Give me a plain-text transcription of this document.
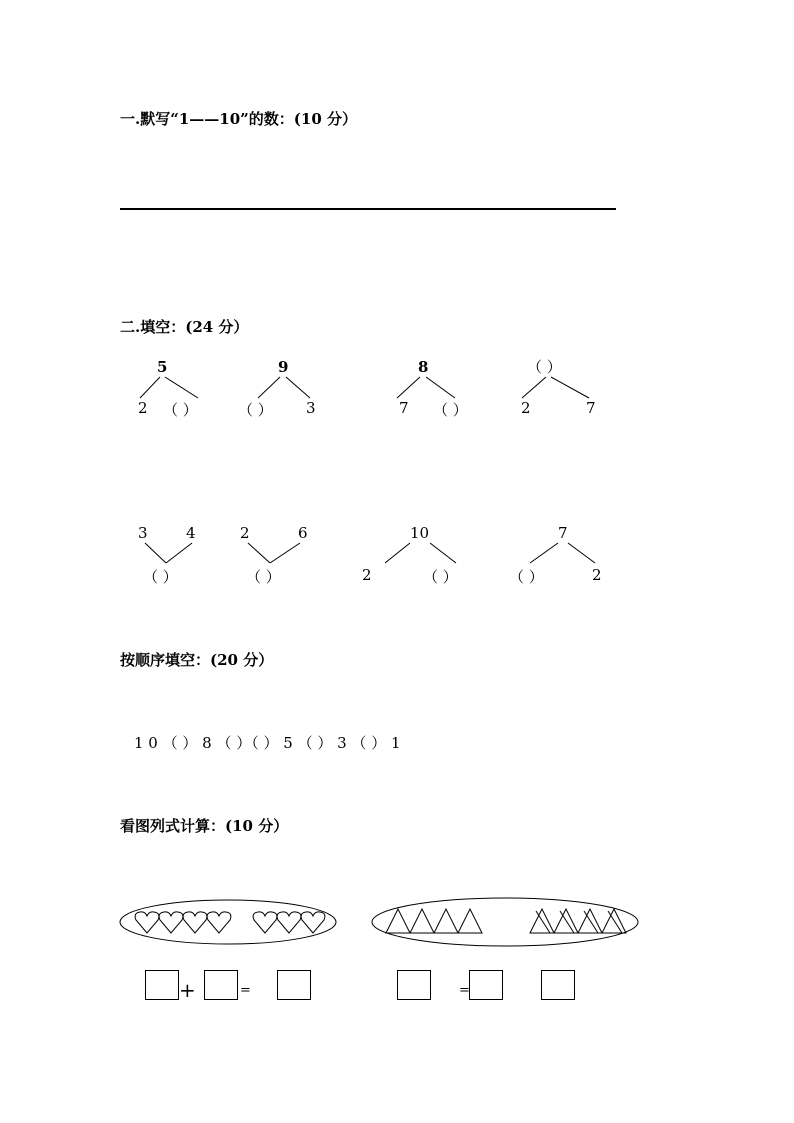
一.默写“1——10”的数：(10 分）
二.填空：(24 分）
5
2 （ ）
9
（ ） 3
8
7 （ ）
（ ）
2	7
3	4
（ ）
2	6
（ ）
10
2	（ ）
7
（ ）	2
按顺序填空：(20 分）
1 0 （ ） 8 （ ）（ ） 5 （ ） 3 （ ） 1
看图列式计算：(10 分）
+	=	=
